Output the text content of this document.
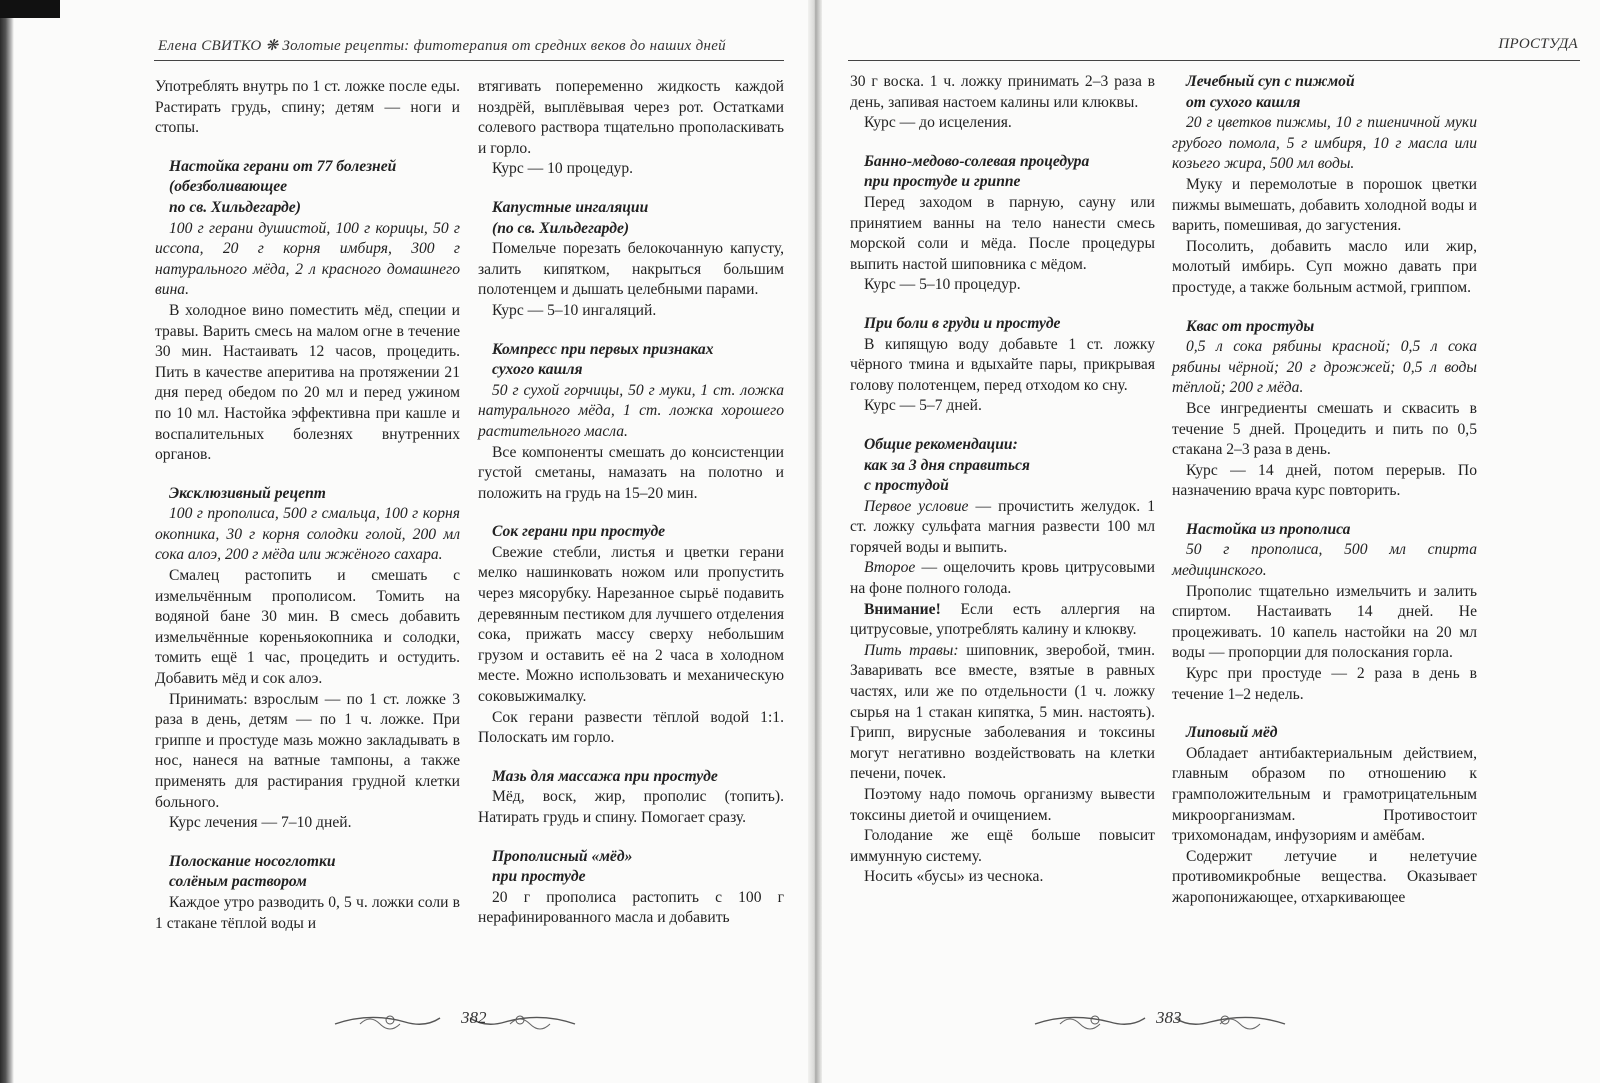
Елена СВИТКО ❋ Золотые рецепты: фитотерапия от средних веков до наших дней	ПРОСТУДА

Употреблять внутрь по 1 ст. ложке после еды. Растирать грудь, спину; детям — ноги и стопы.

Настойка герани от 77 болезней
(обезболивающее
по св. Хильдегарде)

100 г герани душистой, 100 г корицы, 50 г иссопа, 20 г корня имбиря, 300 г натурального мёда, 2 л красного домашнего вина.

В холодное вино поместить мёд, специи и травы. Варить смесь на малом огне в течение 30 мин. Настаивать 12 часов, процедить. Пить в качестве аперитива на протяжении 21 дня перед обедом по 20 мл и перед ужином по 10 мл. Настойка эффективна при кашле и воспалительных болезнях внутренних органов.

Эксклюзивный рецепт

100 г прополиса, 500 г смальца, 100 г корня окопника, 30 г корня солодки голой, 200 мл сока алоэ, 200 г мёда или жжёного сахара.

Смалец растопить и смешать с измельчённым прополисом. Томить на водяной бане 30 мин. В смесь добавить измельчённые кореньяокопника и солодки, томить ещё 1 час, процедить и остудить. Добавить мёд и сок алоэ.

Принимать: взрослым — по 1 ст. ложке 3 раза в день, детям — по 1 ч. ложке. При гриппе и простуде мазь можно закладывать в нос, нанеся на ватные тампоны, а также применять для растирания грудной клетки больного.

Курс лечения — 7–10 дней.

Полоскание носоглотки
солёным раствором

Каждое утро разводить 0, 5 ч. ложки соли в 1 стакане тёплой воды и

втягивать попеременно жидкость каждой ноздрёй, выплёвывая через рот. Остатками солевого раствора тщательно прополаскивать и горло.

Курс — 10 процедур.

Капустные ингаляции
(по св. Хильдегарде)

Помельче порезать белокочанную капусту, залить кипятком, накрыться большим полотенцем и дышать целебными парами.

Курс — 5–10 ингаляций.

Компресс при первых признаках
сухого кашля

50 г сухой горчицы, 50 г муки, 1 ст. ложка натурального мёда, 1 ст. ложка хорошего растительного масла.

Все компоненты смешать до консистенции густой сметаны, намазать на полотно и положить на грудь на 15–20 мин.

Сок герани при простуде

Свежие стебли, листья и цветки герани мелко нашинковать ножом или пропустить через мясорубку. Нарезанное сырьё подавить деревянным пестиком для лучшего отделения сока, прижать массу сверху небольшим грузом и оставить её на 2 часа в холодном месте. Можно использовать и механическую соковыжималку.

Сок герани развести тёплой водой 1:1. Полоскать им горло.

Мазь для массажа при простуде

Мёд, воск, жир, прополис (топить). Натирать грудь и спину. Помогает сразу.

Прополисный «мёд»
при простуде

20 г прополиса растопить с 100 г нерафинированного масла и добавить

30 г воска. 1 ч. ложку принимать 2–3 раза в день, запивая настоем калины или клюквы.

Курс — до исцеления.

Банно-медово-солевая процедура
при простуде и гриппе

Перед заходом в парную, сауну или принятием ванны на тело нанести смесь морской соли и мёда. После процедуры выпить настой шиповника с мёдом.

Курс — 5–10 процедур.

При боли в груди и простуде

В кипящую воду добавьте 1 ст. ложку чёрного тмина и вдыхайте пары, прикрывая голову полотенцем, перед отходом ко сну.

Курс — 5–7 дней.

Общие рекомендации:
как за 3 дня справиться
с простудой

Первое условие — прочистить желудок. 1 ст. ложку сульфата магния развести 100 мл горячей воды и выпить.

Второе — ощелочить кровь цитрусовыми на фоне полного голода.

Внимание! Если есть аллергия на цитрусовые, употреблять калину и клюкву.

Пить травы: шиповник, зверобой, тмин. Заваривать все вместе, взятые в равных частях, или же по отдельности (1 ч. ложку сырья на 1 стакан кипятка, 5 мин. настоять). Грипп, вирусные заболевания и токсины могут негативно воздействовать на клетки печени, почек.

Поэтому надо помочь организму вывести токсины диетой и очищением.

Голодание же ещё больше повысит иммунную систему.

Носить «бусы» из чеснока.

Лечебный суп с пижмой
от сухого кашля

20 г цветков пижмы, 10 г пшеничной муки грубого помола, 5 г имбиря, 10 г масла или козьего жира, 500 мл воды.

Муку и перемолотые в порошок цветки пижмы вымешать, добавить холодной воды и варить, помешивая, до загустения.

Посолить, добавить масло или жир, молотый имбирь. Суп можно давать при простуде, а также больным астмой, гриппом.

Квас от простуды

0,5 л сока рябины красной; 0,5 л сока рябины чёрной; 20 г дрожжей; 0,5 л воды тёплой; 200 г мёда.

Все ингредиенты смешать и сквасить в течение 5 дней. Процедить и пить по 0,5 стакана 2–3 раза в день.

Курс — 14 дней, потом перерыв. По назначению врача курс повторить.

Настойка из прополиса

50 г прополиса, 500 мл спирта медицинского.

Прополис тщательно измельчить и залить спиртом. Настаивать 14 дней. Не процеживать. 10 капель настойки на 20 мл воды — пропорции для полоскания горла.

Курс при простуде — 2 раза в день в течение 1–2 недель.

Липовый мёд

Обладает антибактериальным действием, главным образом по отношению к грамположительным и грамотрицательным микроорганизмам. Противостоит трихомонадам, инфузориям и амёбам.

Содержит летучие и нелетучие противомикробные вещества. Оказывает жаропонижающее, отхаркивающее

382	383
